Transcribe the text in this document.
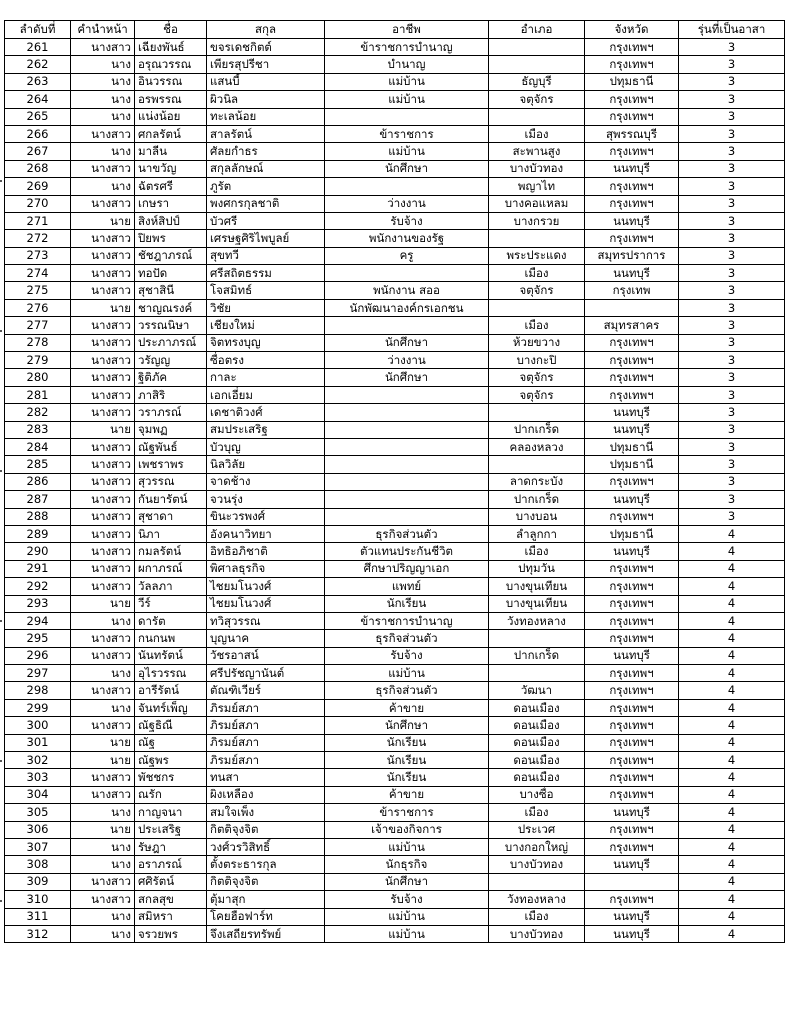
ลำดับที่	คำนำหน้า	ชื่อ	สกุล	อาชีพ	อำเภอ	จังหวัด	รุ่นที่เป็นอาสา
261	นางสาว	เฉียงพันธ์	ขจรเดชกิตต์	ข้าราชการบำนาญ		กรุงเทพฯ	3
262	นาง	อรุณวรรณ	เพียรสุปรีชา	บำนาญ		กรุงเทพฯ	3
263	นาง	อินวรรณ	แสนบี้	แม่บ้าน	ธัญบุรี	ปทุมธานี	3
264	นาง	อรพรรณ	ผิวนิล	แม่บ้าน	จตุจักร	กรุงเทพฯ	3
265	นาง	แน่งน้อย	ทะเลน้อย			กรุงเทพฯ	3
266	นางสาว	ศกลรัตน์	สาลรัตน์	ข้าราชการ	เมือง	สุพรรณบุรี	3
267	นาง	มาลีน	ศัลยกำธร	แม่บ้าน	สะพานสูง	กรุงเทพฯ	3
268	นางสาว	นาขวัญ	สกุลลักษณ์	นักศึกษา	บางบัวทอง	นนทบุรี	3
269	นาง	ฉัตรศรี	ภูรัต		พญาไท	กรุงเทพฯ	3
270	นางสาว	เกษรา	พงศกรกุลชาติ	ว่างงาน	บางคอแหลม	กรุงเทพฯ	3
271	นาย	สิงห์สิปป์	บัวศรี	รับจ้าง	บางกรวย	นนทบุรี	3
272	นางสาว	ปิยพร	เศรษฐศิริไพบูลย์	พนักงานของรัฐ		กรุงเทพฯ	3
273	นางสาว	ชัชฎาภรณ์	สุขทวี	ครู	พระประแดง	สมุทรปราการ	3
274	นางสาว	ทอปัด	ศรีสถิตธรรม		เมือง	นนทบุรี	3
275	นางสาว	สุชาสินี	โจสมิทธ์	พนักงาน สออ	จตุจักร	กรุงเทพ	3
276	นาย	ชาญณรงค์	วิชัย	นักพัฒนาองค์กรเอกชน			3
277	นางสาว	วรรณนิษา	เชียงใหม่		เมือง	สมุทรสาคร	3
278	นางสาว	ประภาภรณ์	จิตทรงบุญ	นักศึกษา	ห้วยขวาง	กรุงเทพฯ	3
279	นางสาว	วรัญญ	ซื่อตรง	ว่างงาน	บางกะปิ	กรุงเทพฯ	3
280	นางสาว	ฐิติภัค	กาละ	นักศึกษา	จตุจักร	กรุงเทพฯ	3
281	นางสาว	ภาสิริ	เอกเอี่ยม		จตุจักร	กรุงเทพฯ	3
282	นางสาว	วราภรณ์	เดชาติวงศ์			นนทบุรี	3
283	นาย	จุมพฏ	สมประเสริฐ		ปากเกร็ด	นนทบุรี	3
284	นางสาว	ณัฐพันธ์	บัวบุญ		คลองหลวง	ปทุมธานี	3
285	นางสาว	เพชราพร	นิลวิลัย			ปทุมธานี	3
286	นางสาว	สุวรรณ	จาดช้าง		ลาดกระบัง	กรุงเทพฯ	3
287	นางสาว	กันยารัตน์	จวนรุ่ง		ปากเกร็ด	นนทบุรี	3
288	นางสาว	สุชาดา	ขินะวรพงศ์		บางบอน	กรุงเทพฯ	3
289	นางสาว	นิภา	อังคนาวิทยา	ธุรกิจส่วนตัว	ลำลูกกา	ปทุมธานี	4
290	นางสาว	กมลรัตน์	อิทธิอภิชาติ	ตัวแทนประกันชีวิต	เมือง	นนทบุรี	4
291	นางสาว	ผกาภรณ์	พิศาลธุรกิจ	ศึกษาปริญญาเอก	ปทุมวัน	กรุงเทพฯ	4
292	นางสาว	วัลลภา	ไชยมโนวงศ์	แพทย์	บางขุนเทียน	กรุงเทพฯ	4
293	นาย	วีร์	ไชยมโนวงศ์	นักเรียน	บางขุนเทียน	กรุงเทพฯ	4
294	นาง	ดารัต	ทวิสุวรรณ	ข้าราชการบำนาญ	วังทองหลาง	กรุงเทพฯ	4
295	นางสาว	กนกนพ	บุญนาค	ธุรกิจส่วนตัว		กรุงเทพฯ	4
296	นางสาว	นันทรัตน์	วัชรอาสน์	รับจ้าง	ปากเกร็ด	นนทบุรี	4
297	นาง	อุไรวรรณ	ศรีปรัชญานันต์	แม่บ้าน		กรุงเทพฯ	4
298	นางสาว	อารีรัตน์	ตัณฑิเวียร์	ธุรกิจส่วนตัว	วัฒนา	กรุงเทพฯ	4
299	นาง	จันทร์เพ็ญ	ภิรมย์สภา	ค้าขาย	ดอนเมือง	กรุงเทพฯ	4
300	นางสาว	ณัฐธิณี	ภิรมย์สภา	นักศึกษา	ดอนเมือง	กรุงเทพฯ	4
301	นาย	ณัฐ	ภิรมย์สภา	นักเรียน	ดอนเมือง	กรุงเทพฯ	4
302	นาย	ณัฐพร	ภิรมย์สภา	นักเรียน	ดอนเมือง	กรุงเทพฯ	4
303	นางสาว	พัชชกร	ทนสา	นักเรียน	ดอนเมือง	กรุงเทพฯ	4
304	นางสาว	ณรัก	ผิงเหลือง	ค้าขาย	บางซื่อ	กรุงเทพฯ	4
305	นาง	กาญจนา	สมใจเพ็ง	ข้าราชการ	เมือง	นนทบุรี	4
306	นาย	ประเสริฐ	กิตติจุงจิต	เจ้าของกิจการ	ประเวศ	กรุงเทพฯ	4
307	นาง	รัษฎา	วงศ์วรวิสิทธิ์	แม่บ้าน	บางกอกใหญ่	กรุงเทพฯ	4
308	นาง	อราภรณ์	ตั้งตระธารกุล	นักธุรกิจ	บางบัวทอง	นนทบุรี	4
309	นางสาว	ศศิรัตน์	กิตติจุงจิต	นักศึกษา			4
310	นางสาว	สกลสุข	ตุ้มาสุก	รับจ้าง	วังทองหลาง	กรุงเทพฯ	4
311	นาง	สมิหรา	โคยฮือฟาร์ท	แม่บ้าน	เมือง	นนทบุรี	4
312	นาง	จรวยพร	จึงเสถียรทรัพย์	แม่บ้าน	บางบัวทอง	นนทบุรี	4
